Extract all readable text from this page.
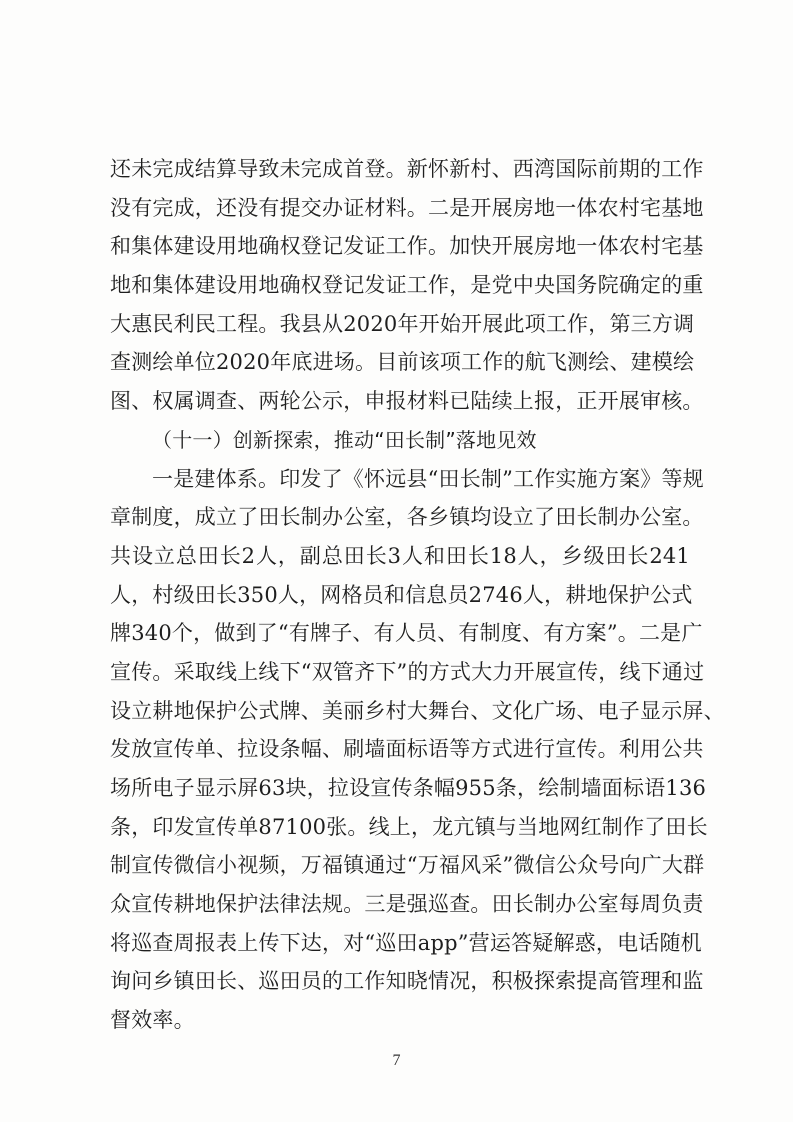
还未完成结算导致未完成首登。新怀新村、西湾国际前期的工作
没有完成，还没有提交办证材料。二是开展房地一体农村宅基地
和集体建设用地确权登记发证工作。加快开展房地一体农村宅基
地和集体建设用地确权登记发证工作，是党中央国务院确定的重
大惠民利民工程。我县从2020年开始开展此项工作，第三方调
查测绘单位2020年底进场。目前该项工作的航飞测绘、建模绘
图、权属调查、两轮公示，申报材料已陆续上报，正开展审核。
（十一）创新探索，推动“田长制”落地见效
一是建体系。印发了《怀远县“田长制”工作实施方案》等规
章制度，成立了田长制办公室，各乡镇均设立了田长制办公室。
共设立总田长2人，副总田长3人和田长18人，乡级田长241
人，村级田长350人，网格员和信息员2746人，耕地保护公式
牌340个，做到了“有牌子、有人员、有制度、有方案”。二是广
宣传。采取线上线下“双管齐下”的方式大力开展宣传，线下通过
设立耕地保护公式牌、美丽乡村大舞台、文化广场、电子显示屏、
发放宣传单、拉设条幅、刷墙面标语等方式进行宣传。利用公共
场所电子显示屏63块，拉设宣传条幅955条，绘制墙面标语136
条，印发宣传单87100张。线上，龙亢镇与当地网红制作了田长
制宣传微信小视频，万福镇通过“万福风采”微信公众号向广大群
众宣传耕地保护法律法规。三是强巡查。田长制办公室每周负责
将巡查周报表上传下达，对“巡田app”营运答疑解惑，电话随机
询问乡镇田长、巡田员的工作知晓情况，积极探索提高管理和监
督效率。
7
